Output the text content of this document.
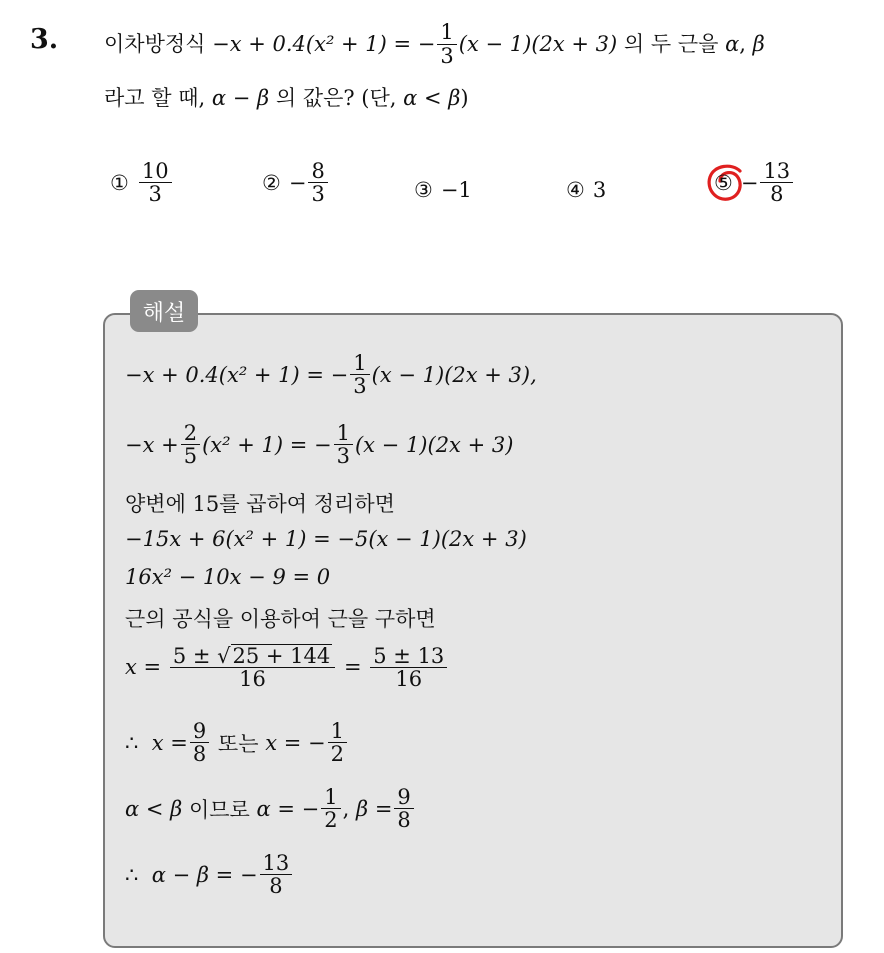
3. 이차방정식
−x + 0.4(x² + 1) = − $\frac{1}{3} (x - 1)(2x + 3)$
의 두 근을
α , β
라고 할 때, α − β 의 값은? (단, α < β)
① $\frac{10}{3}$	② − $\frac{8}{3}$	③ −1	④ 3	⑤ − $\frac{13}{8}$
해설
−x + 0.4(x² + 1) = − $\frac{1}{3} (x - 1)(2x + 3)$,
$-x + \frac{2}{5} (x^2 + 1)$ = − $\frac{1}{3} (x - 1)(2x + 3)$
양변에 15를 곱하여 정리하면
−15x + 6(x² + 1) = −5(x − 1)(2x + 3)
16x² − 10x − 9 = 0
근의 공식을 이용하여 근을 구하면
x =
$\frac{5 \pm √25 + 144}{16}$
=
$\frac{5 \pm 13}{16}$
∴
$x = \frac{9}{8}$
또는
x = − $\frac{1}{2}$
α < β
이므로
α = − $\frac{1}{2}$ ,
$\beta = \frac{9}{8}$
∴
α − β = − $\frac{13}{8}$
